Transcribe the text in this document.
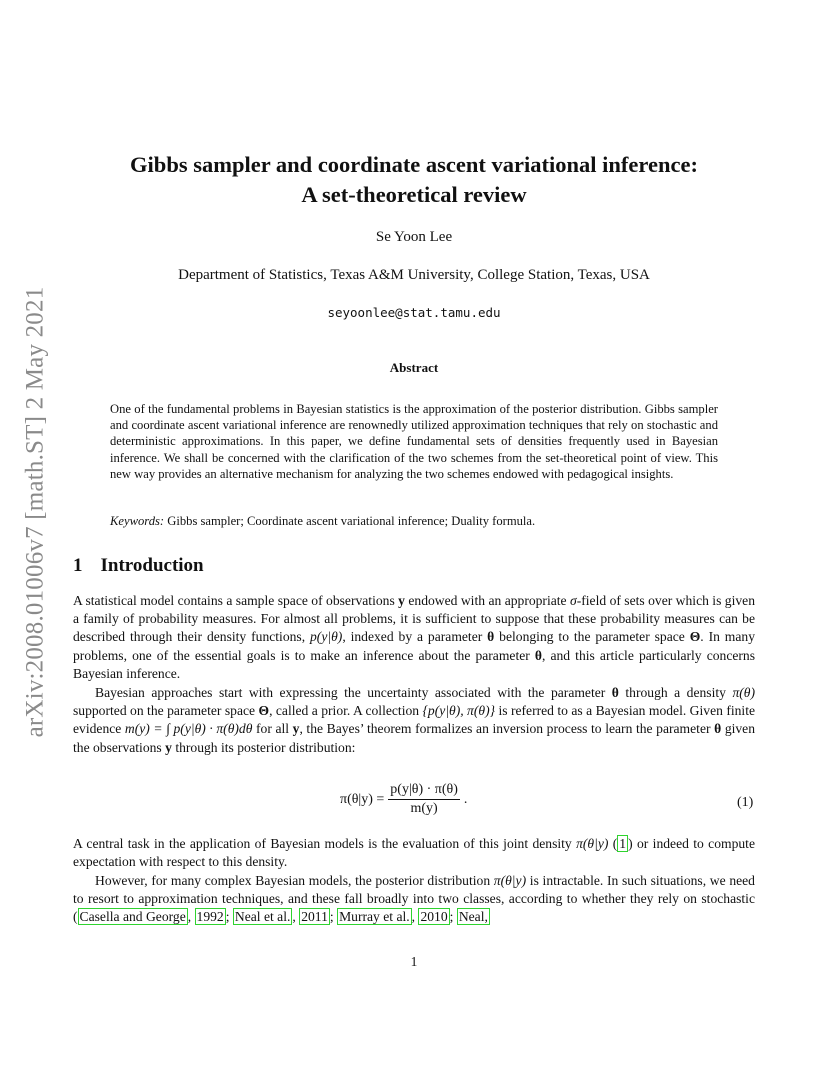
arXiv:2008.01006v7 [math.ST] 2 May 2021
Gibbs sampler and coordinate ascent variational inference:
A set-theoretical review
Se Yoon Lee
Department of Statistics, Texas A&M University, College Station, Texas, USA
seyoonlee@stat.tamu.edu
Abstract
One of the fundamental problems in Bayesian statistics is the approximation of the posterior distribution. Gibbs sampler and coordinate ascent variational inference are renownedly utilized approximation techniques that rely on stochastic and deterministic approximations. In this paper, we define fundamental sets of densities frequently used in Bayesian inference. We shall be concerned with the clarification of the two schemes from the set-theoretical point of view. This new way provides an alternative mechanism for analyzing the two schemes endowed with pedagogical insights.
Keywords: Gibbs sampler; Coordinate ascent variational inference; Duality formula.
1 Introduction
A statistical model contains a sample space of observations y endowed with an appropriate σ-field of sets over which is given a family of probability measures. For almost all problems, it is sufficient to suppose that these probability measures can be described through their density functions, p(y|θ), indexed by a parameter θ belonging to the parameter space Θ. In many problems, one of the essential goals is to make an inference about the parameter θ, and this article particularly concerns Bayesian inference.
Bayesian approaches start with expressing the uncertainty associated with the parameter θ through a density π(θ) supported on the parameter space Θ, called a prior. A collection {p(y|θ), π(θ)} is referred to as a Bayesian model. Given finite evidence m(y) = ∫ p(y|θ) · π(θ)dθ for all y, the Bayes’ theorem formalizes an inversion process to learn the parameter θ given the observations y through its posterior distribution:
$\pi(\theta|y) = \frac{p(y|\theta) \cdot \pi(\theta)}{m(y)}$ .	(1)
A central task in the application of Bayesian models is the evaluation of this joint density π(θ|y) ( 1 ) or indeed to compute expectation with respect to this density.
However, for many complex Bayesian models, the posterior distribution π(θ|y) is intractable. In such situations, we need to resort to approximation techniques, and these fall broadly into two classes, according to whether they rely on stochastic ( Casella and George , 1992 ; Neal et al. , 2011 ; Murray et al. , 2010 ; Neal,
1
